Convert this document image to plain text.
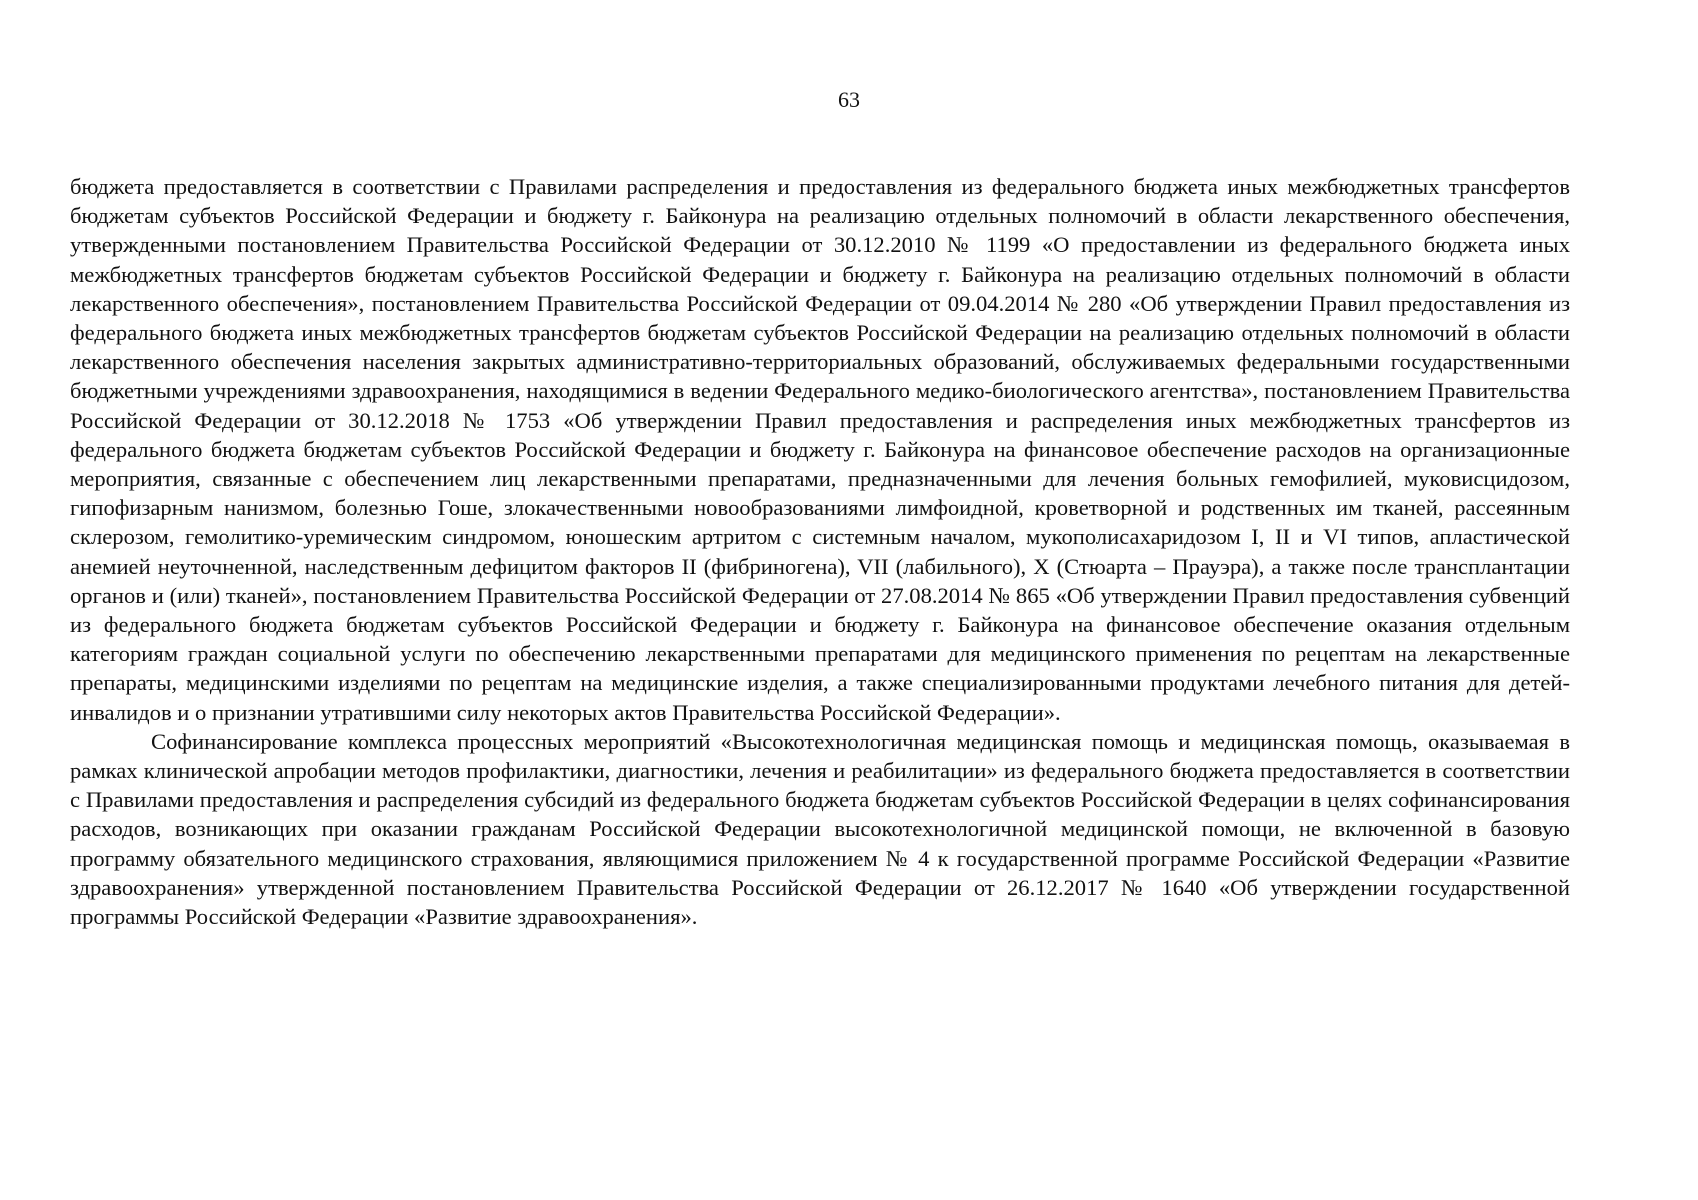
63

бюджета предоставляется в соответствии с Правилами распределения и предоставления из федерального бюджета иных межбюджетных трансфертов бюджетам субъектов Российской Федерации и бюджету г. Байконура на реализацию отдельных полномочий в области лекарственного обеспечения, утвержденными постановлением Правительства Российской Федерации от 30.12.2010 № 1199 «О предоставлении из федерального бюджета иных межбюджетных трансфертов бюджетам субъектов Российской Федерации и бюджету г. Байконура на реализацию отдельных полномочий в области лекарственного обеспечения», постановлением Правительства Российской Федерации от 09.04.2014 № 280 «Об утверждении Правил предоставления из федерального бюджета иных межбюджетных трансфертов бюджетам субъектов Российской Федерации на реализацию отдельных полномочий в области лекарственного обеспечения населения закрытых административно-территориальных образований, обслуживаемых федеральными государственными бюджетными учреждениями здравоохранения, находящимися в ведении Федерального медико-биологического агентства», постановлением Правительства Российской Федерации от 30.12.2018 № 1753 «Об утверждении Правил предоставления и распределения иных межбюджетных трансфертов из федерального бюджета бюджетам субъектов Российской Федерации и бюджету г. Байконура на финансовое обеспечение расходов на организационные мероприятия, связанные с обеспечением лиц лекарственными препаратами, предназначенными для лечения больных гемофилией, муковисцидозом, гипофизарным нанизмом, болезнью Гоше, злокачественными новообразованиями лимфоидной, кроветворной и родственных им тканей, рассеянным склерозом, гемолитико-уремическим синдромом, юношеским артритом с системным началом, мукополисахаридозом I, II и VI типов, апластической анемией неуточненной, наследственным дефицитом факторов II (фибриногена), VII (лабильного), X (Стюарта – Прауэра), а также после трансплантации органов и (или) тканей», постановлением Правительства Российской Федерации от 27.08.2014 № 865 «Об утверждении Правил предоставления субвенций из федерального бюджета бюджетам субъектов Российской Федерации и бюджету г. Байконура на финансовое обеспечение оказания отдельным категориям граждан социальной услуги по обеспечению лекарственными препаратами для медицинского применения по рецептам на лекарственные препараты, медицинскими изделиями по рецептам на медицинские изделия, а также специализированными продуктами лечебного питания для детей-инвалидов и о признании утратившими силу некоторых актов Правительства Российской Федерации».

Софинансирование комплекса процессных мероприятий «Высокотехнологичная медицинская помощь и медицинская помощь, оказываемая в рамках клинической апробации методов профилактики, диагностики, лечения и реабилитации» из федерального бюджета предоставляется в соответствии с Правилами предоставления и распределения субсидий из федерального бюджета бюджетам субъектов Российской Федерации в целях софинансирования расходов, возникающих при оказании гражданам Российской Федерации высокотехнологичной медицинской помощи, не включенной в базовую программу обязательного медицинского страхования, являющимися приложением № 4 к государственной программе Российской Федерации «Развитие здравоохранения» утвержденной постановлением Правительства Российской Федерации от 26.12.2017 № 1640 «Об утверждении государственной программы Российской Федерации «Развитие здравоохранения».
